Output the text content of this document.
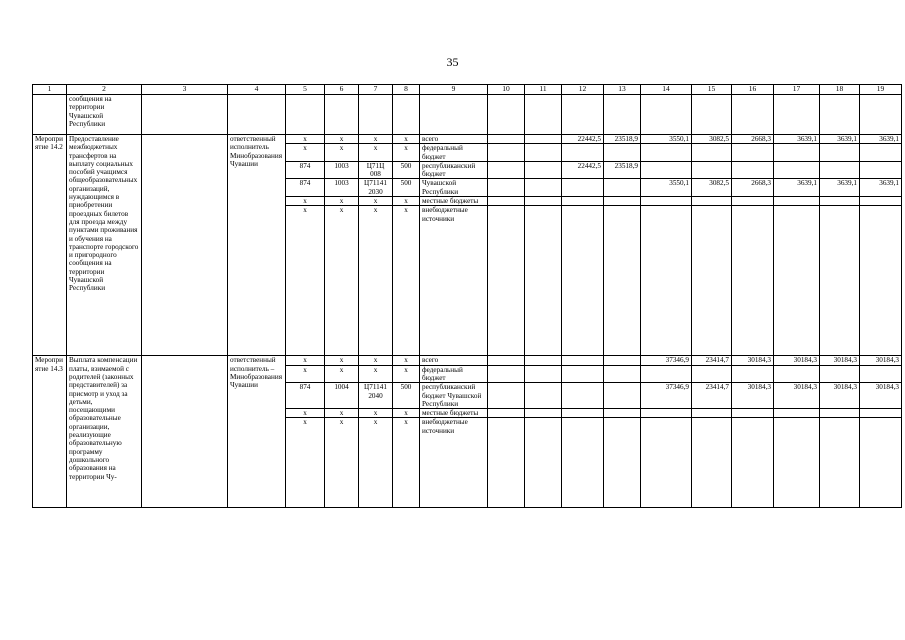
35
1	2	3	4	5	6	7	8	9	10	11	12	13	14	15	16	17	18	19
	сообщения на территории Чувашской Республики																	
Мероприятие 14.2	Предоставление межбюджетных трансфертов на выплату социальных пособий учащимся общеобразовательных организаций, нуждающимся в приобретении проездных билетов для проезда между пунктами проживания и обучения на транспорте городского и пригородного сообщения на территории Чувашской Республики		ответственный исполнитель Минобразования Чувашии	x	x	x	x	всего			22442,5	23518,9	3550,1	3082,5	2668,3	3639,1	3639,1	3639,1
				x	x	x	x	федеральный бюджет										
				874	1003	Ц71Ц 008	500	республиканский бюджет			22442,5	23518,9						
				874	1003	Ц71141 2030	500	Чувашской Республики					3550,1	3082,5	2668,3	3639,1	3639,1	3639,1
				x	x	x	x	местные бюджеты										
				x	x	x	x	внебюджетные источники										
Мероприятие 14.3	Выплата компенсации платы, взимаемой с родителей (законных представителей) за присмотр и уход за детьми, посещающими образовательные организации, реализующие образовательную программу дошкольного образования на территории Чу-		ответственный исполнитель – Минобразования Чувашии	x	x	x	x	всего					37346,9	23414,7	30184,3	30184,3	30184,3	30184,3
				x	x	x	x	федеральный бюджет										
				874	1004	Ц71141 2040	500	республиканский бюджет Чувашской Республики					37346,9	23414,7	30184,3	30184,3	30184,3	30184,3
				x	x	x	x	местные бюджеты										
				x	x	x	x	внебюджетные источники										
